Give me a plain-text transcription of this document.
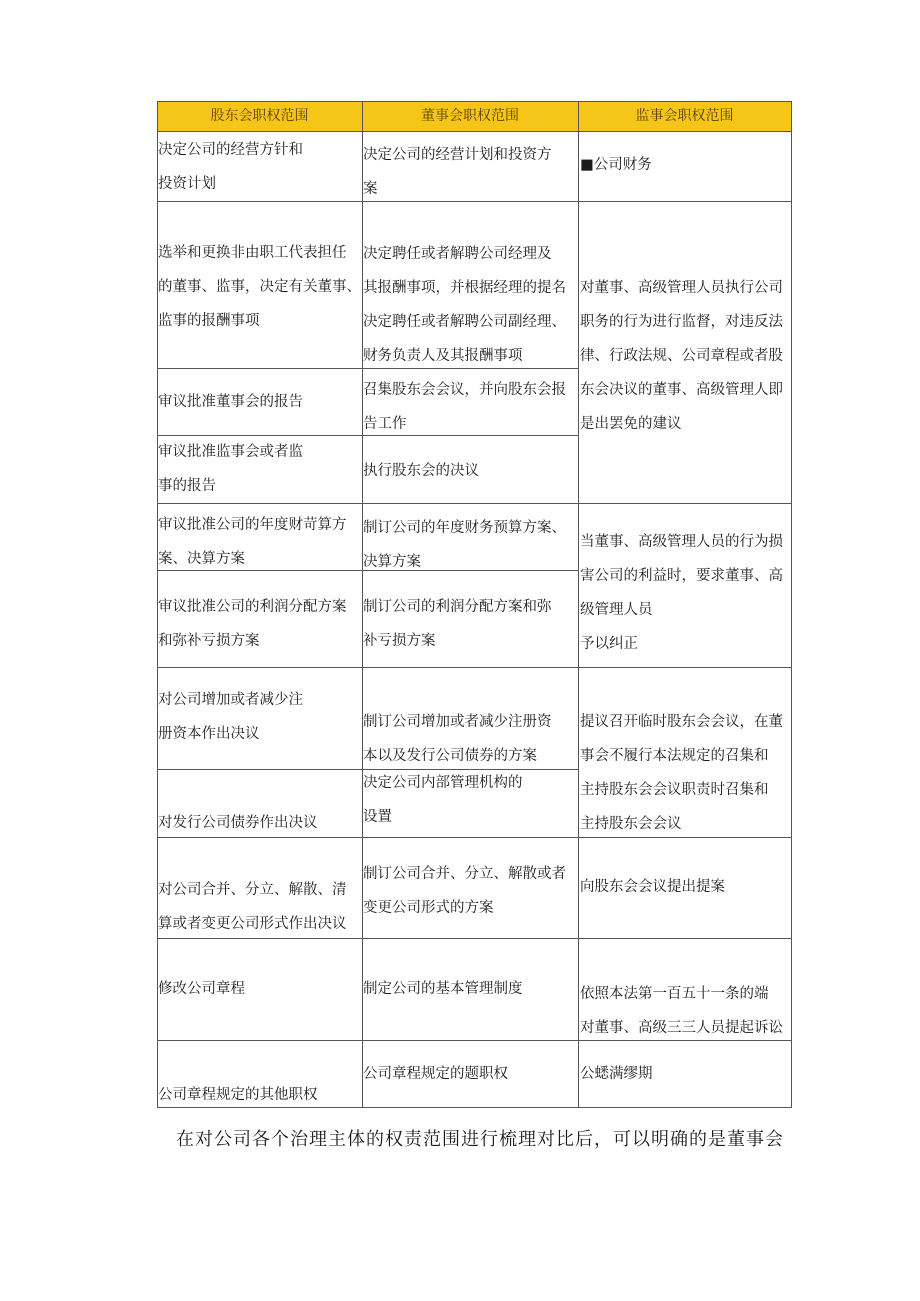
股东会职权范围	董事会职权范围	监事会职权范围
决定公司的经营方针和
投资计划
选举和更换非由职工代表担任
的董事、监事，决定有关董事、
监事的报酬事项
审议批准董事会的报告
审议批准监事会或者监
事的报告
审议批准公司的年度财苛算方
案、决算方案
审议批准公司的利润分配方案
和弥补亏损方案
对公司增加或者减少注
册资本作出决议
对发行公司债券作出决议
对公司合并、分立、解散、清
算或者变更公司形式作出决议
修改公司章程
公司章程规定的其他职权
决定公司的经营计划和投资方
案
决定聘任或者解聘公司经理及
其报酬事项，并根据经理的提名
决定聘任或者解聘公司副经理、
财务负责人及其报酬事项
召集股东会会议，并向股东会报
告工作
执行股东会的决议
制订公司的年度财务预算方案、
决算方案
制订公司的利润分配方案和弥
补亏损方案
制订公司增加或者减少注册资
本以及发行公司债券的方案
决定公司内部管理机构的
设置
制订公司合并、分立、解散或者
变更公司形式的方案
制定公司的基本管理制度
公司章程规定的题职权
■公司财务
对董事、高级管理人员执行公司
职务的行为进行监督，对违反法
律、行政法规、公司章程或者股
东会决议的董事、高级管理人即
是出罢免的建议
当董事、高级管理人员的行为损
害公司的利益时，要求董事、高
级管理人员
予以纠正
提议召开临时股东会会议，在董
事会不履行本法规定的召集和
主持股东会会议职责时召集和
主持股东会会议
向股东会会议提出提案
依照本法第一百五十一条的端
对董事、高级三三人员提起诉讼
公蟋满缪期
在对公司各个治理主体的权责范围进行梳理对比后，可以明确的是董事会
